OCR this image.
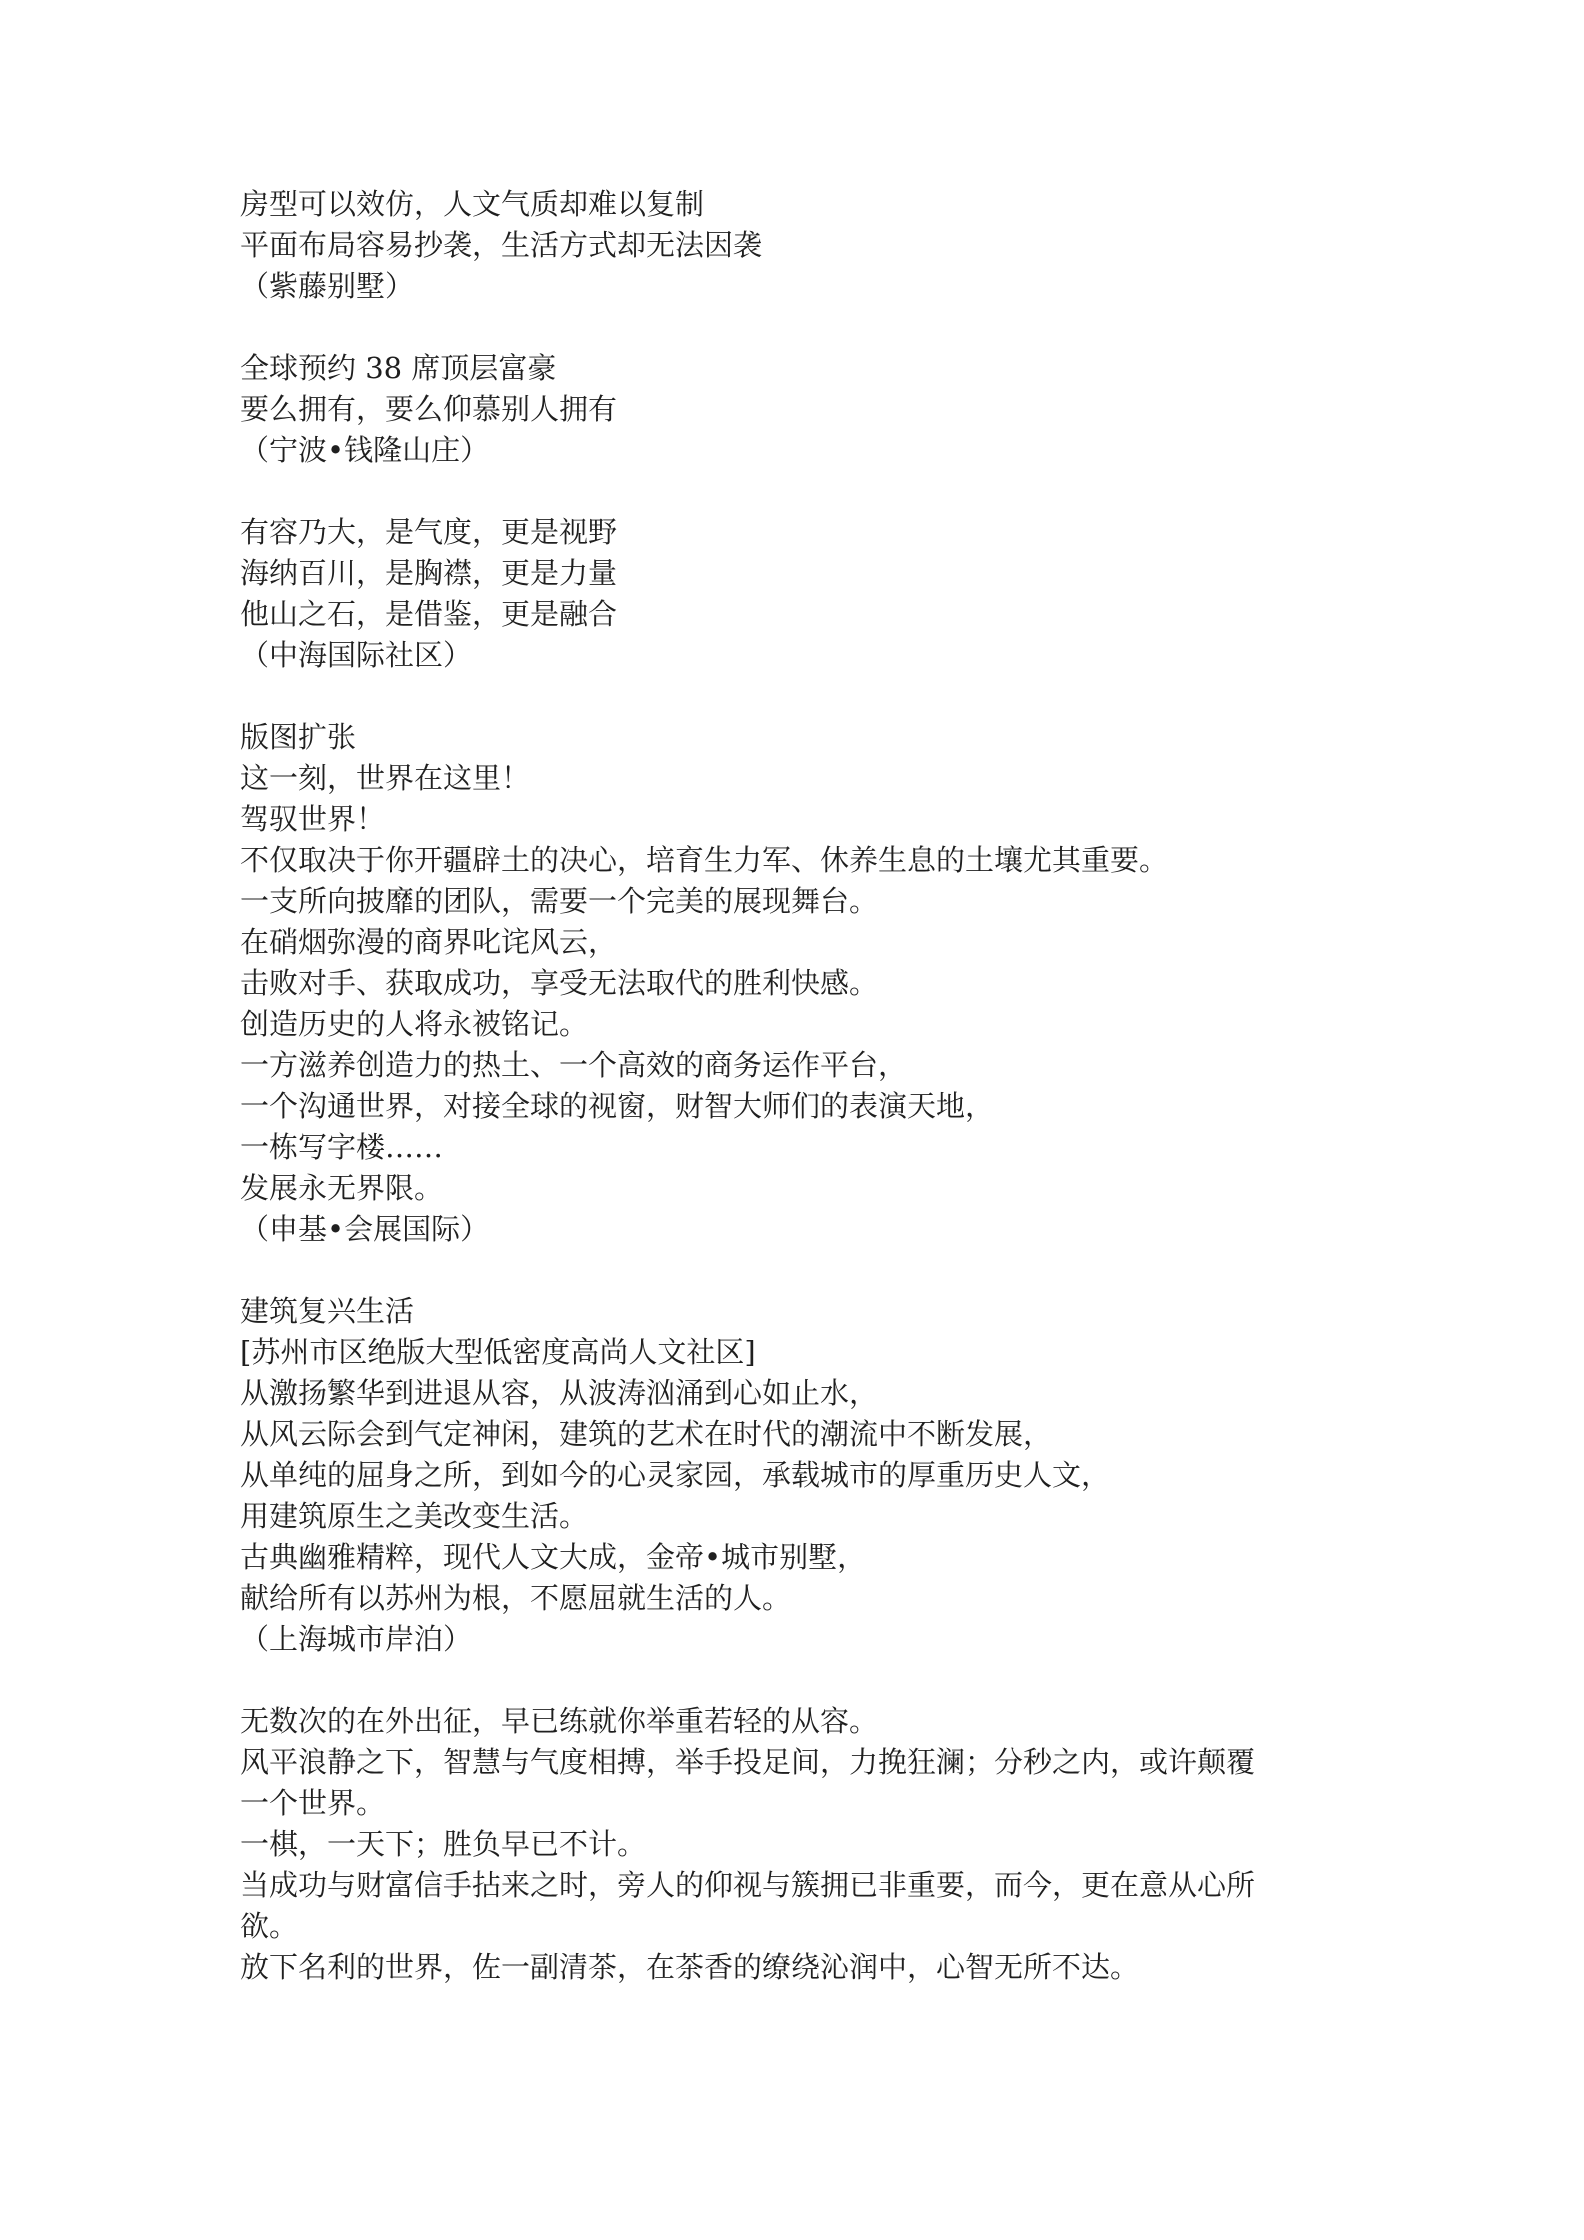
房型可以效仿，人文气质却难以复制
平面布局容易抄袭，生活方式却无法因袭
（紫藤别墅）
全球预约 38 席顶层富豪
要么拥有，要么仰慕别人拥有
（宁波•钱隆山庄）
有容乃大，是气度，更是视野
海纳百川，是胸襟，更是力量
他山之石，是借鉴，更是融合
（中海国际社区）
版图扩张
这一刻，世界在这里！
驾驭世界！
不仅取决于你开疆辟土的决心，培育生力军、休养生息的土壤尤其重要。
一支所向披靡的团队，需要一个完美的展现舞台。
在硝烟弥漫的商界叱诧风云，
击败对手、获取成功，享受无法取代的胜利快感。
创造历史的人将永被铭记。
一方滋养创造力的热土、一个高效的商务运作平台，
一个沟通世界，对接全球的视窗，财智大师们的表演天地，
一栋写字楼……
发展永无界限。
（申基•会展国际）
建筑复兴生活
[苏州市区绝版大型低密度高尚人文社区]
从激扬繁华到进退从容，从波涛汹涌到心如止水，
从风云际会到气定神闲，建筑的艺术在时代的潮流中不断发展，
从单纯的屈身之所，到如今的心灵家园，承载城市的厚重历史人文，
用建筑原生之美改变生活。
古典幽雅精粹，现代人文大成，金帝•城市别墅，
献给所有以苏州为根，不愿屈就生活的人。
（上海城市岸泊）
无数次的在外出征，早已练就你举重若轻的从容。
风平浪静之下，智慧与气度相搏，举手投足间，力挽狂澜；分秒之内，或许颠覆
一个世界。
一棋，一天下；胜负早已不计。
当成功与财富信手拈来之时，旁人的仰视与簇拥已非重要，而今，更在意从心所
欲。
放下名利的世界，佐一副清茶，在茶香的缭绕沁润中，心智无所不达。
